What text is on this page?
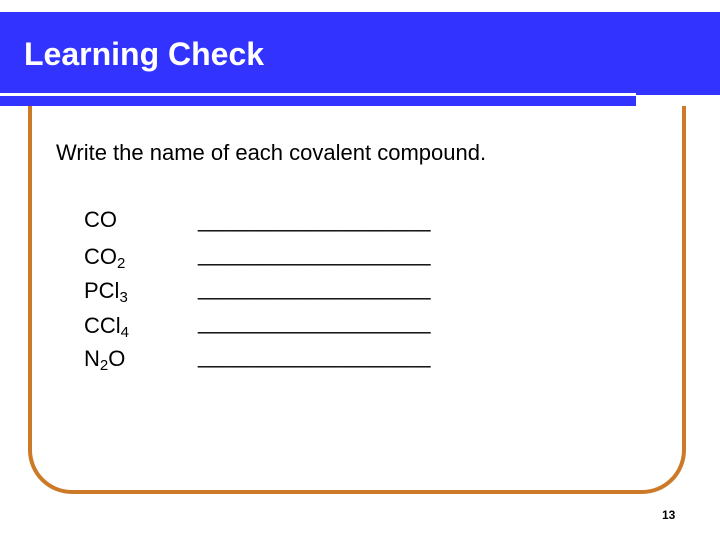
Learning Check

Write the name of each covalent compound.

CO
$CO_2$
PCl$_3$
CCl$_4$
$N_2O$
___________________
___________________
___________________
___________________
___________________
13
